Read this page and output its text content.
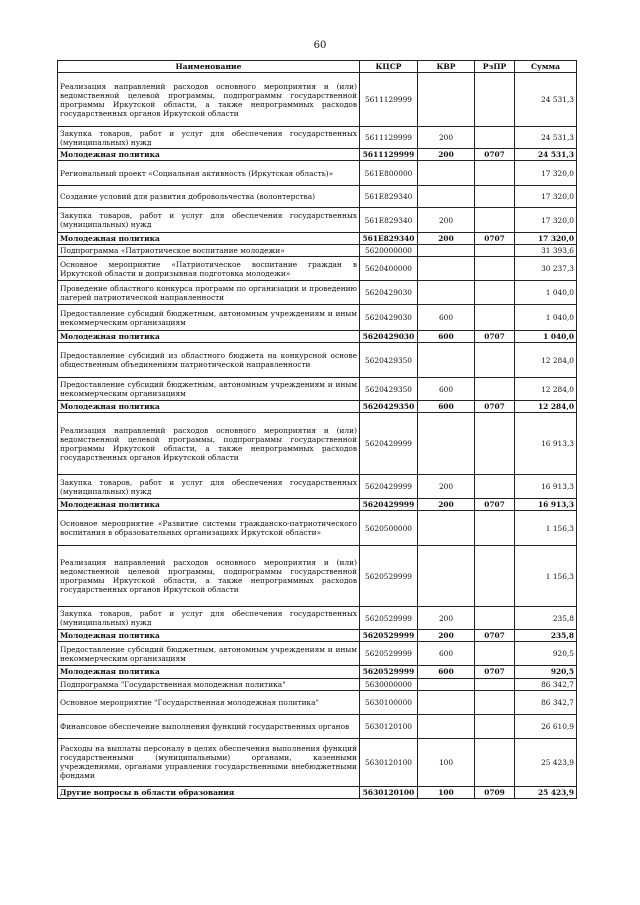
60
Наименование	КЦСР	КВР	РзПР	Сумма
Реализация направлений расходов основного мероприятия и (или) ведомственной целевой программы, подпрограммы государственной программы Иркутской области, а также непрограммных расходов государственных органов Иркутской области	5611129999			24 531,3
Закупка товаров, работ и услуг для обеспечения государственных (муниципальных) нужд	5611129999	200		24 531,3
Молодежная политика	5611129999	200	0707	24 531,3
Региональный проект «Социальная активность (Иркутская область)»	561E800000			17 320,0
Создание условий для развития добровольчества (волонтерства)	561E829340			17 320,0
Закупка товаров, работ и услуг для обеспечения государственных (муниципальных) нужд	561E829340	200		17 320,0
Молодежная политика	561E829340	200	0707	17 320,0
Подпрограмма «Патриотическое воспитание молодежи»	5620000000			31 393,6
Основное мероприятие «Патриотическое воспитание граждан в Иркутской области и допризывная подготовка молодежи»	5620400000			30 237,3
Проведение областного конкурса программ по организации и проведению лагерей патриотической направленности	5620429030			1 040,0
Предоставление субсидий бюджетным, автономным учреждениям и иным некоммерческим организациям	5620429030	600		1 040,0
Молодежная политика	5620429030	600	0707	1 040,0
Предоставление субсидий из областного бюджета на конкурсной основе общественным объединениям патриотической направленности	5620429350			12 284,0
Предоставление субсидий бюджетным, автономным учреждениям и иным некоммерческим организациям	5620429350	600		12 284,0
Молодежная политика	5620429350	600	0707	12 284,0
Реализация направлений расходов основного мероприятия и (или) ведомственной целевой программы, подпрограммы государственной программы Иркутской области, а также непрограммных расходов государственных органов Иркутской области	5620429999			16 913,3
Закупка товаров, работ и услуг для обеспечения государственных (муниципальных) нужд	5620429999	200		16 913,3
Молодежная политика	5620429999	200	0707	16 913,3
Основное мероприятие «Развитие системы гражданско-патриотического воспитания в образовательных организациях Иркутской области»	5620500000			1 156,3
Реализация направлений расходов основного мероприятия и (или) ведомственной целевой программы, подпрограммы государственной программы Иркутской области, а также непрограммных расходов государственных органов Иркутской области	5620529999			1 156,3
Закупка товаров, работ и услуг для обеспечения государственных (муниципальных) нужд	5620529999	200		235,8
Молодежная политика	5620529999	200	0707	235,8
Предоставление субсидий бюджетным, автономным учреждениям и иным некоммерческим организациям	5620529999	600		920,5
Молодежная политика	5620529999	600	0707	920,5
Подпрограмма "Государственная молодежная политика"	5630000000			86 342,7
Основное мероприятие "Государственная молодежная политика"	5630100000			86 342,7
Финансовое обеспечение выполнения функций государственных органов	5630120100			26 610,9
Расходы на выплаты персоналу в целях обеспечения выполнения функций государственными (муниципальными) органами, казенными учреждениями, органами управления государственными внебюджетными фондами	5630120100	100		25 423,9
Другие вопросы в области образования	5630120100	100	0709	25 423,9
